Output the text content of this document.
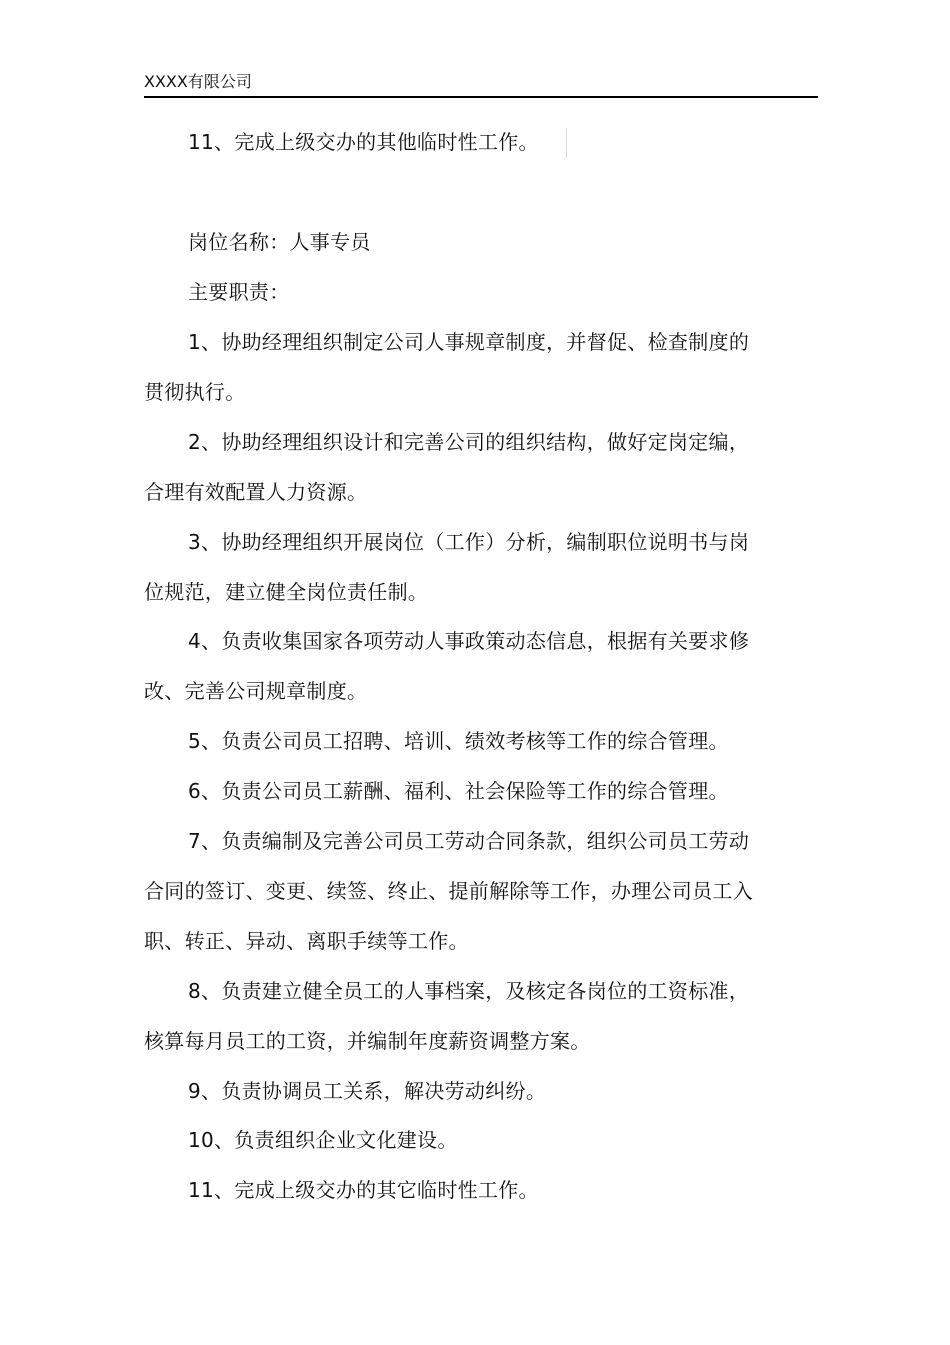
XXXX有限公司
11、完成上级交办的其他临时性工作。
岗位名称：人事专员
主要职责：
1、协助经理组织制定公司人事规章制度，并督促、检查制度的
贯彻执行。
2、协助经理组织设计和完善公司的组织结构，做好定岗定编，
合理有效配置人力资源。
3、协助经理组织开展岗位（工作）分析，编制职位说明书与岗
位规范，建立健全岗位责任制。
4、负责收集国家各项劳动人事政策动态信息，根据有关要求修
改、完善公司规章制度。
5、负责公司员工招聘、培训、绩效考核等工作的综合管理。
6、负责公司员工薪酬、福利、社会保险等工作的综合管理。
7、负责编制及完善公司员工劳动合同条款，组织公司员工劳动
合同的签订、变更、续签、终止、提前解除等工作，办理公司员工入
职、转正、异动、离职手续等工作。
8、负责建立健全员工的人事档案，及核定各岗位的工资标准，
核算每月员工的工资，并编制年度薪资调整方案。
9、负责协调员工关系，解决劳动纠纷。
10、负责组织企业文化建设。
11、完成上级交办的其它临时性工作。
